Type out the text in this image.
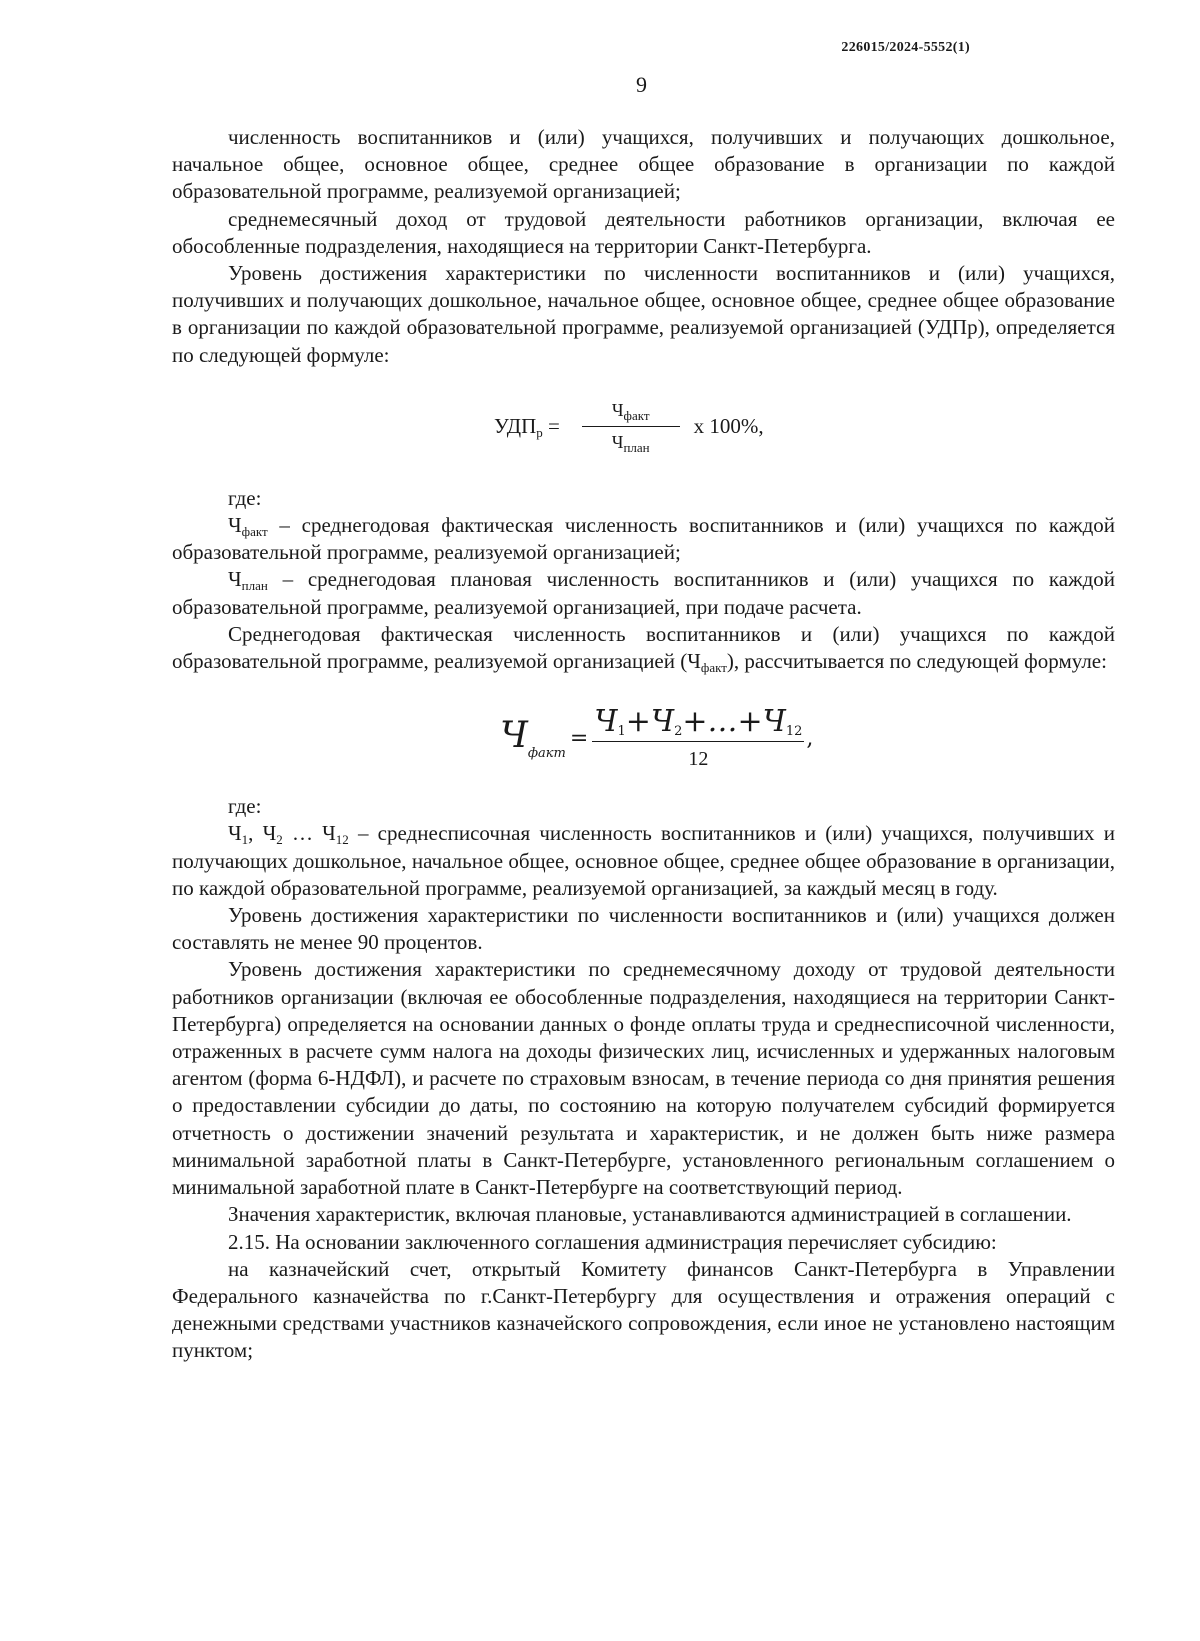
226015/2024-5552(1)
9

численность воспитанников и (или) учащихся, получивших и получающих дошкольное, начальное общее, основное общее, среднее общее образование в организации по каждой образовательной программе, реализуемой организацией;

среднемесячный доход от трудовой деятельности работников организации, включая ее обособленные подразделения, находящиеся на территории Санкт-Петербурга.

Уровень достижения характеристики по численности воспитанников и (или) учащихся, получивших и получающих дошкольное, начальное общее, основное общее, среднее общее образование в организации по каждой образовательной программе, реализуемой организацией (УДПр), определяется по следующей формуле:

$УДП_р = \frac{Ч_{факт}}{Ч_{план}}$ х 100%,

где:

$Ч_{факт}$ – среднегодовая фактическая численность воспитанников и (или) учащихся по каждой образовательной программе, реализуемой организацией;

$Ч_{план}$ – среднегодовая плановая численность воспитанников и (или) учащихся по каждой образовательной программе, реализуемой организацией, при подаче расчета.

Среднегодовая фактическая численность воспитанников и (или) учащихся по каждой образовательной программе, реализуемой организацией $(Ч_{факт})$, рассчитывается по следующей формуле:

$Ч_{факт}$
= $\frac{Ч_1+Ч_2+\dots+Ч_{12}}{12}$ ,

где:

$Ч_1$, $Ч_2$ … $Ч_{12}$ – среднесписочная численность воспитанников и (или) учащихся, получивших и получающих дошкольное, начальное общее, основное общее, среднее общее образование в организации, по каждой образовательной программе, реализуемой организацией, за каждый месяц в году.

Уровень достижения характеристики по численности воспитанников и (или) учащихся должен составлять не менее 90 процентов.

Уровень достижения характеристики по среднемесячному доходу от трудовой деятельности работников организации (включая ее обособленные подразделения, находящиеся на территории Санкт-Петербурга) определяется на основании данных о фонде оплаты труда и среднесписочной численности, отраженных в расчете сумм налога на доходы физических лиц, исчисленных и удержанных налоговым агентом (форма 6-НДФЛ), и расчете по страховым взносам, в течение периода со дня принятия решения о предоставлении субсидии до даты, по состоянию на которую получателем субсидий формируется отчетность о достижении значений результата и характеристик, и не должен быть ниже размера минимальной заработной платы в Санкт-Петербурге, установленного региональным соглашением о минимальной заработной плате в Санкт-Петербурге на соответствующий период.

Значения характеристик, включая плановые, устанавливаются администрацией в соглашении.

2.15. На основании заключенного соглашения администрация перечисляет субсидию:

на казначейский счет, открытый Комитету финансов Санкт-Петербурга в Управлении Федерального казначейства по г.Санкт-Петербургу для осуществления и отражения операций с денежными средствами участников казначейского сопровождения, если иное не установлено настоящим пунктом;
